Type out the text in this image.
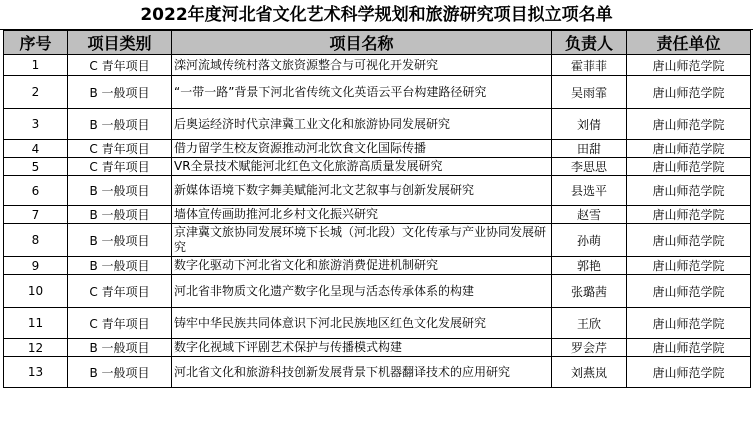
2022年度河北省文化艺术科学规划和旅游研究项目拟立项名单
序号	项目类别	项目名称	负责人	责任单位
1	C 青年项目	滦河流域传统村落文旅资源整合与可视化开发研究	霍菲菲	唐山师范学院
2	B 一般项目	“一带一路”背景下河北省传统文化英语云平台构建路径研究	吴雨霏	唐山师范学院
3	B 一般项目	后奥运经济时代京津冀工业文化和旅游协同发展研究	刘倩	唐山师范学院
4	C 青年项目	借力留学生校友资源推动河北饮食文化国际传播	田甜	唐山师范学院
5	C 青年项目	VR全景技术赋能河北红色文化旅游高质量发展研究	李思思	唐山师范学院
6	B 一般项目	新媒体语境下数字舞美赋能河北文艺叙事与创新发展研究	县选平	唐山师范学院
7	B 一般项目	墙体宣传画助推河北乡村文化振兴研究	赵雪	唐山师范学院
8	B 一般项目	京津冀文旅协同发展环境下长城（河北段）文化传承与产业协同发展研究	孙萌	唐山师范学院
9	B 一般项目	数字化驱动下河北省文化和旅游消费促进机制研究	郭艳	唐山师范学院
10	C 青年项目	河北省非物质文化遗产数字化呈现与活态传承体系的构建	张璐茜	唐山师范学院
11	C 青年项目	铸牢中华民族共同体意识下河北民族地区红色文化发展研究	王欣	唐山师范学院
12	B 一般项目	数字化视域下评剧艺术保护与传播模式构建	罗会芹	唐山师范学院
13	B 一般项目	河北省文化和旅游科技创新发展背景下机器翻译技术的应用研究	刘燕岚	唐山师范学院
